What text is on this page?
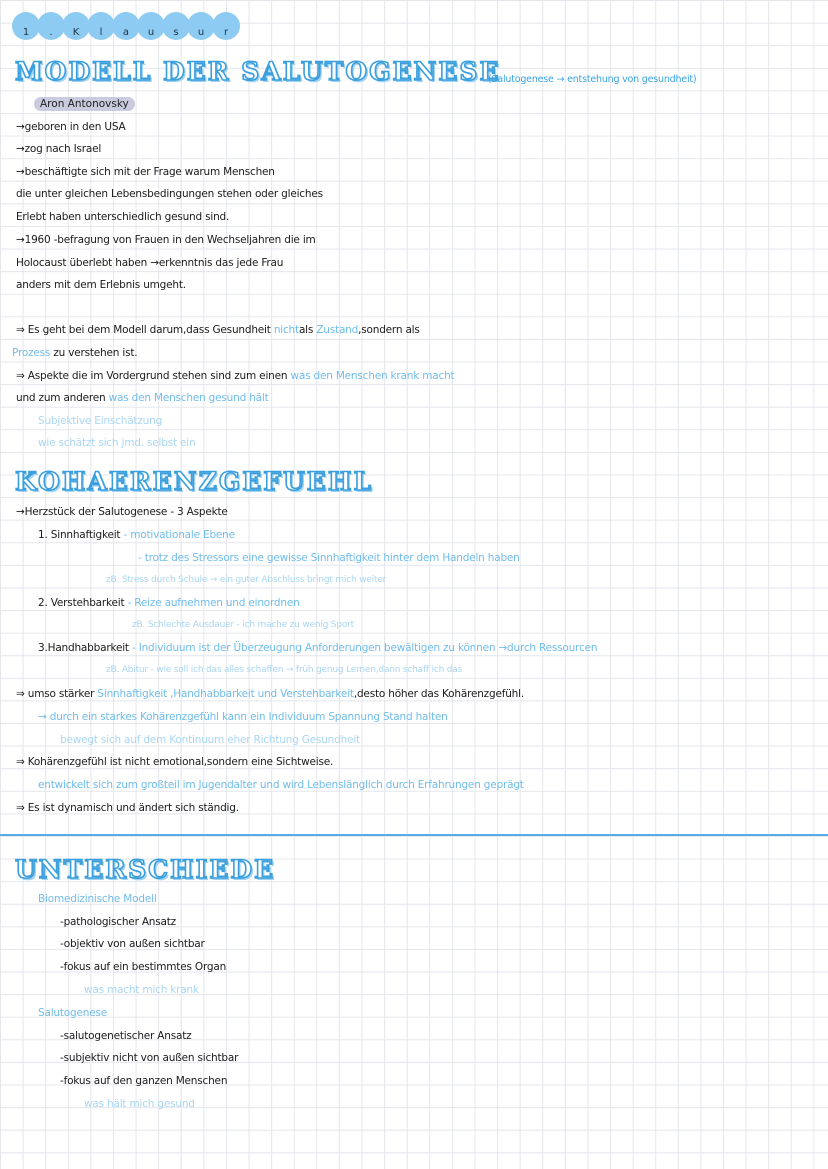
1	.	K	l	a	u	s	u	r
MODELL DER SALUTOGENESE
(Salutogenese → entstehung von gesundheit)
Aron Antonovsky
→geboren in den USA
→zog nach Israel
→beschäftigte sich mit der Frage warum Menschen
die unter gleichen Lebensbedingungen stehen oder gleiches
Erlebt haben unterschiedlich gesund sind.
→1960 -befragung von Frauen in den Wechseljahren die im
Holocaust überlebt haben →erkenntnis das jede Frau
anders mit dem Erlebnis umgeht.
⇒ Es geht bei dem Modell darum,dass Gesundheit nichtals Zustand,sondern als
Prozess zu verstehen ist.
⇒ Aspekte die im Vordergrund stehen sind zum einen was den Menschen krank macht
und zum anderen was den Menschen gesund hält
Subjektive Einschätzung
wie schätzt sich jmd. selbst ein
KOHAERENZGEFUEHL
→Herzstück der Salutogenese - 3 Aspekte
1. Sinnhaftigkeit - motivationale Ebene
- trotz des Stressors eine gewisse Sinnhaftigkeit hinter dem Handeln haben
zB. Stress durch Schule → ein guter Abschluss bringt mich weiter
2. Verstehbarkeit - Reize aufnehmen und einordnen
zB. Schlechte Ausdauer - ich mache zu wenig Sport
3.Handhabbarkeit - Individuum ist der Überzeugung Anforderungen bewältigen zu können →durch Ressourcen
zB. Abitur - wie soll ich das alles schaffen → früh genug Lernen,dann schaff ich das
⇒ umso stärker Sinnhaftigkeit ,Handhabbarkeit und Verstehbarkeit,desto höher das Kohärenzgefühl.
→ durch ein starkes Kohärenzgefühl kann ein Individuum Spannung Stand halten
bewegt sich auf dem Kontinuum eher Richtung Gesundheit
⇒ Kohärenzgefühl ist nicht emotional,sondern eine Sichtweise.
entwickelt sich zum großteil im Jugendalter und wird Lebenslänglich durch Erfahrungen geprägt
⇒ Es ist dynamisch und ändert sich ständig.
UNTERSCHIEDE
Biomedizinische Modell
-pathologischer Ansatz
-objektiv von außen sichtbar
-fokus auf ein bestimmtes Organ
was macht mich krank
Salutogenese
-salutogenetischer Ansatz
-subjektiv nicht von außen sichtbar
-fokus auf den ganzen Menschen
was hält mich gesund
